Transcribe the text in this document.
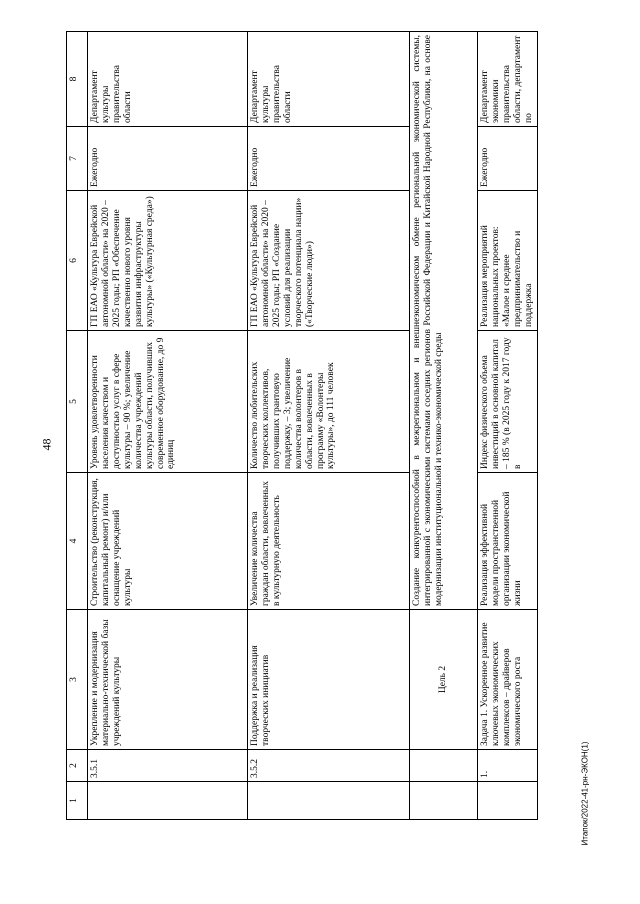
48
Итапок/2022-41-рн-ЭКОН(1)
1	2	3	4	5	6	7	8
	3.5.1	Укрепление и модернизация материально-технической базы учреждений культуры	Строительство (реконструкция, капитальный ремонт) и/или оснащение учреждений культуры	Уровень удовлетворенности населения качеством и доступностью услуг в сфере культуры – 90 %; увеличение количества учреждений культуры области, получивших современное оборудование, до 9 единиц	ГП ЕАО «Культура Еврейской автономной области» на 2020 – 2025 годы; РП «Обеспечение качественно нового уровня развития инфраструктуры культуры» («Культурная среда»)	Ежегодно	Департамент культуры правительства области
	3.5.2	Поддержка и реализация творческих инициатив	Увеличение количества граждан области, вовлеченных в культурную деятельность	Количество любительских творческих коллективов, получивших грантовую поддержку, – 3; увеличение количества волонтеров в области, вовлеченных в программу «Волонтеры культуры», до 111 человек	ГП ЕАО «Культура Еврейской автономной области» на 2020 – 2025 годы; РП «Создание условий для реализации творческого потенциала нации» («Творческие люди»)	Ежегодно	Департамент культуры правительства области
		Цель 2	Создание конкурентоспособной в межрегиональном и внешнеэкономическом обмене региональной экономической системы, интегрированной с экономическими системами соседних регионов Российской Федерации и Китайской Народной Республики, на основе модернизации институциональной и технико-экономической среды				
	1.	Задача 1. Ускоренное развитие ключевых экономических комплексов – драйверов экономического роста	Реализация эффективной модели пространственной организации экономической жизни	Индекс физического объема инвестиций в основной капитал – 185 % (в 2025 году к 2017 году в	Реализация мероприятий национальных проектов: «Малое и среднее предпринимательство и поддержка	Ежегодно	Департамент экономики правительства области, департамент по
